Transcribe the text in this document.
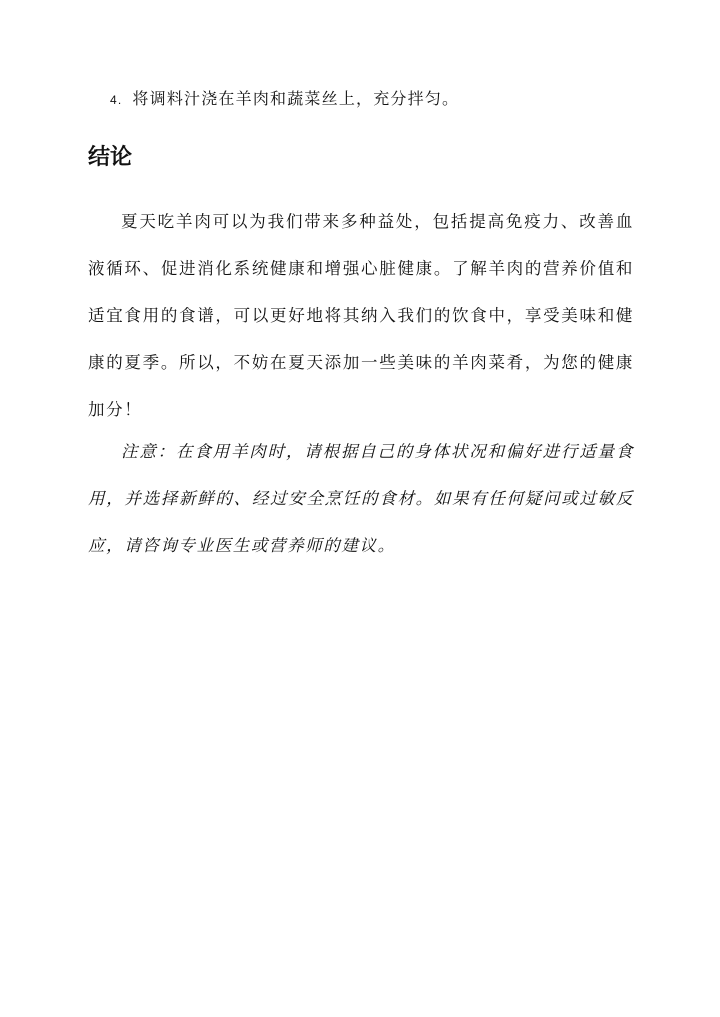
4. 将调料汁浇在羊肉和蔬菜丝上，充分拌匀。
结论

夏天吃羊肉可以为我们带来多种益处，包括提高免疫力、改善血液循环、促进消化系统健康和增强心脏健康。了解羊肉的营养价值和适宜食用的食谱，可以更好地将其纳入我们的饮食中，享受美味和健康的夏季。所以，不妨在夏天添加一些美味的羊肉菜肴，为您的健康加分！

注意：在食用羊肉时，请根据自己的身体状况和偏好进行适量食用，并选择新鲜的、经过安全烹饪的食材。如果有任何疑问或过敏反应，请咨询专业医生或营养师的建议。
